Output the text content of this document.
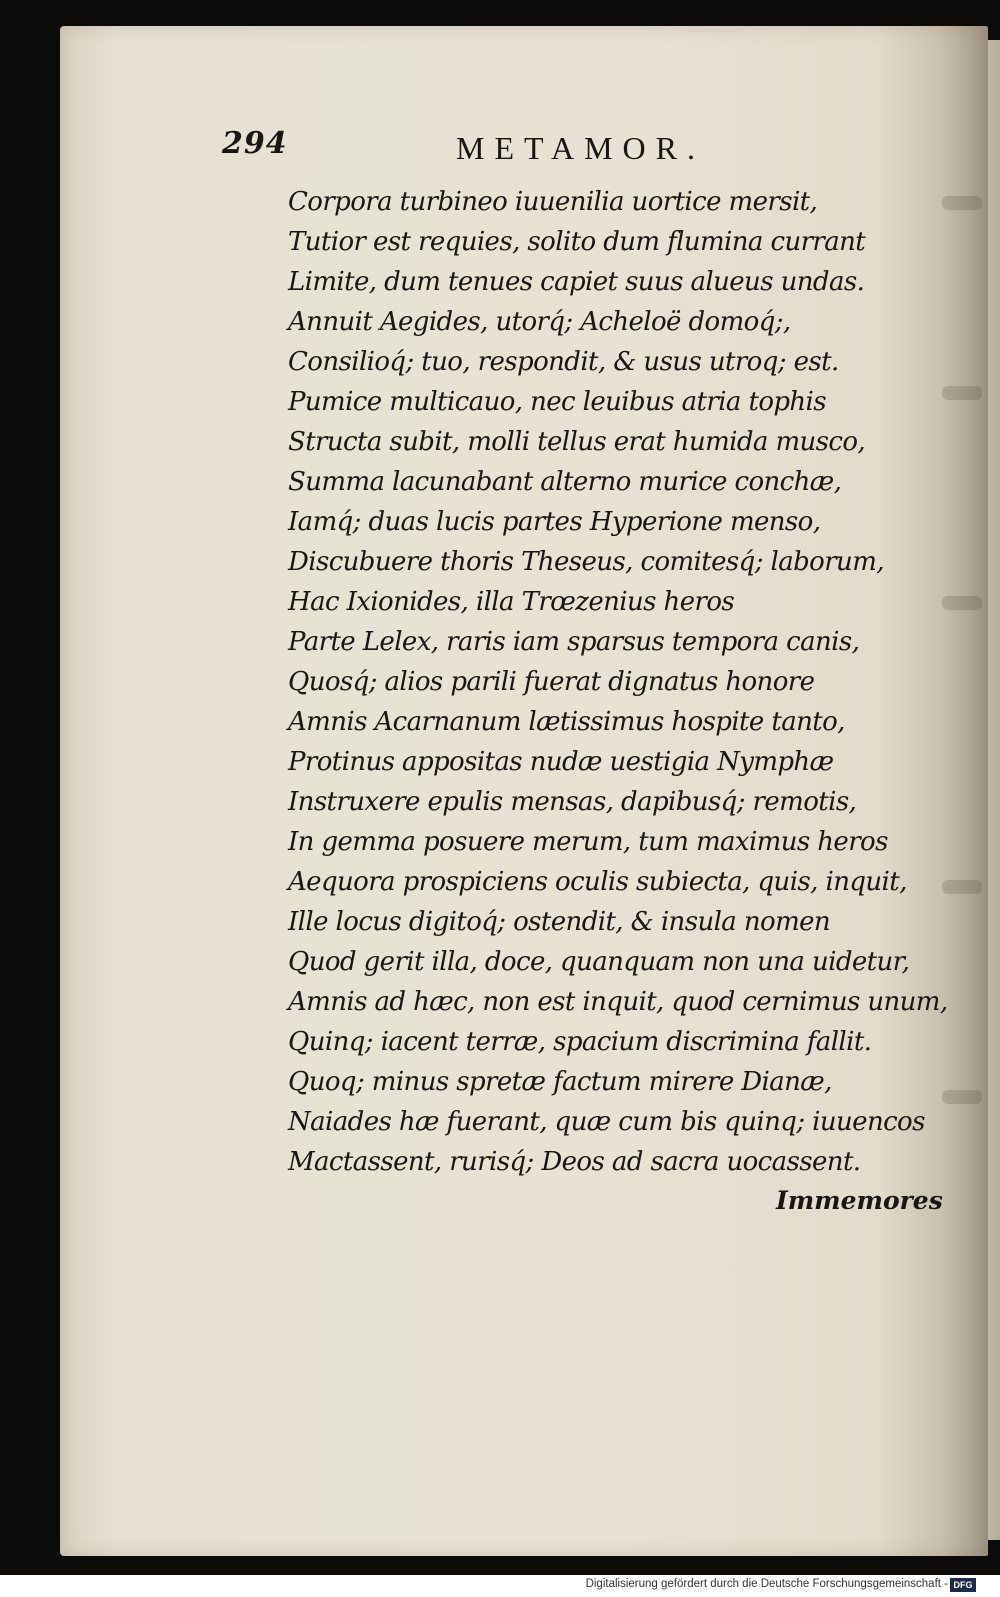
294	METAMOR.
Corpora turbineo iuuenilia uortice mersit,
Tutior est requies, solito dum flumina currant
Limite, dum tenues capiet suus alueus undas.
Annuit Aegides, utorq́; Acheloë domoq́;,
Consilioq́; tuo, respondit, & usus utroq; est.
Pumice multicauo, nec leuibus atria tophis
Structa subit, molli tellus erat humida musco,
Summa lacunabant alterno murice conchæ,
Iamq́; duas lucis partes Hyperione menso,
Discubuere thoris Theseus, comitesq́; laborum,
Hac Ixionides, illa Trœzenius heros
Parte Lelex, raris iam sparsus tempora canis,
Quosq́; alios parili fuerat dignatus honore
Amnis Acarnanum lætissimus hospite tanto,
Protinus appositas nudæ uestigia Nymphæ
Instruxere epulis mensas, dapibusq́; remotis,
In gemma posuere merum, tum maximus heros
Aequora prospiciens oculis subiecta, quis, inquit,
Ille locus digitoq́; ostendit, & insula nomen
Quod gerit illa, doce, quanquam non una uidetur,
Amnis ad hæc, non est inquit, quod cernimus unum,
Quinq; iacent terræ, spacium discrimina fallit.
Quoq; minus spretæ factum mirere Dianæ,
Naiades hæ fuerant, quæ cum bis quinq; iuuencos
Mactassent, rurisq́; Deos ad sacra uocassent.
Immemores
Digitalisierung gefördert durch die Deutsche Forschungsgemeinschaft - DFG
